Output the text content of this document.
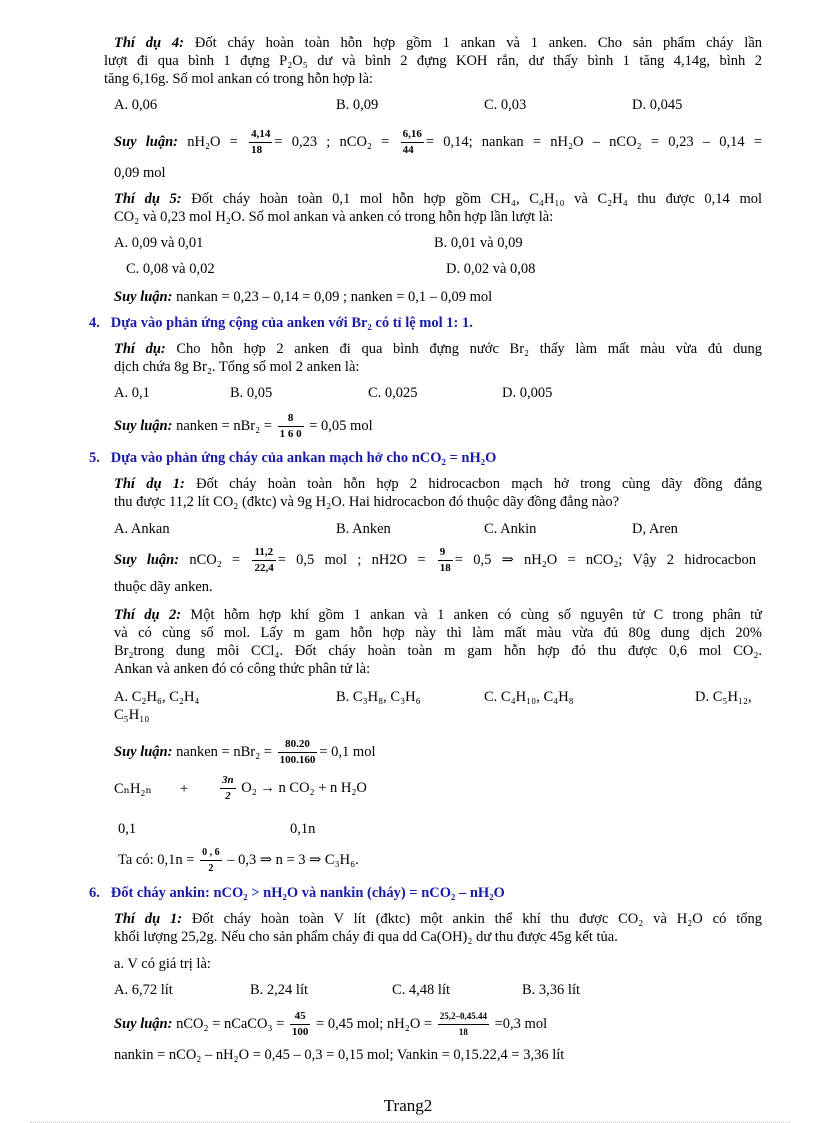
Thí dụ 4: Đốt cháy hoàn toàn hỗn hợp gồm 1 ankan và 1 anken. Cho sản phẩm cháy lần
lượt đi qua bình 1 đựng P₂O₅ dư và bình 2 đựng KOH rắn, dư thấy bình 1 tăng 4,14g, bình 2
tăng 6,16g. Số mol ankan có trong hỗn hợp là:
A. 0,06	B. 0,09	C. 0,03	D. 0,045
Suy luận: $nH_2O = \frac{4,14}{18} = 0,23$ ; $nCO_2 = \frac{6,16}{44} = 0,14$; nankan = nH₂O – nCO₂ = 0,23 – 0,14 =
0,09 mol
Thí dụ 5: Đốt cháy hoàn toàn 0,1 mol hỗn hợp gồm CH₄, C₄H₁₀ và C₂H₄ thu được 0,14 mol
CO₂ và 0,23 mol H₂O. Số mol ankan và anken có trong hỗn hợp lần lượt là:
A. 0,09 và 0,01	B. 0,01 và 0,09
C. 0,08 và 0,02	D. 0,02 và 0,08
Suy luận: nankan = 0,23 – 0,14 = 0,09 ; nanken = 0,1 – 0,09 mol
4. Dựa vào phản ứng cộng của anken với Br₂ có tỉ lệ mol 1: 1.
Thí dụ: Cho hỗn hợp 2 anken đi qua bình đựng nước Br₂ thấy làm mất màu vừa đủ dung
dịch chứa 8g Br₂. Tổng số mol 2 anken là:
A. 0,1	B. 0,05	C. 0,025	D. 0,005
Suy luận: nanken = $nBr_2 = \frac{8}{1 6 0} = 0,05$ mol
5. Dựa vào phản ứng cháy của ankan mạch hở cho nCO₂ = nH₂O
Thí dụ 1: Đốt cháy hoàn toàn hỗn hợp 2 hidrocacbon mạch hở trong cùng dãy đồng đẳng
thu được 11,2 lít CO₂ (đktc) và 9g H₂O. Hai hidrocacbon đó thuộc dãy đồng đẳng nào?
A. Ankan	B. Anken	C. Ankin	D, Aren
Suy luận: $nCO_2 = \frac{11,2}{22,4} = 0,5$ mol ; $nH2O = \frac{9}{18} = 0,5$ ⇒ nH₂O = nCO₂; Vậy 2 hidrocacbon
thuộc dãy anken.
Thí dụ 2: Một hỗm hợp khí gồm 1 ankan và 1 anken có cùng số nguyên tử C trong phân tử
và có cùng số mol. Lấy m gam hỗn hợp này thì làm mất màu vừa đủ 80g dung dịch 20%
Br₂trong dung môi CCl₄. Đốt cháy hoàn toàn m gam hỗn hợp đó thu được 0,6 mol CO₂.
Ankan và anken đó có công thức phân tử là:
A. C₂H₆, C₂H₄	B. C₃H₈, C₃H₆	C. C₄H₁₀, C₄H₈	D. C₅H₁₂,
C₅H₁₀
Suy luận: nanken = $nBr_2 = \frac{80.20}{100.160} = 0,1$ mol
CₙH₂ₙ +	$\frac{3n}{2} O_2 \to n$ CO₂ + n H₂O
0,1	0,1n
Ta có: $0,1n = \frac{0 , 6}{2} - 0,3$ ⇒ n = 3 ⇒ C₃H₆.
6. Đốt cháy ankin: nCO₂ > nH₂O và nankin (cháy) = nCO₂ – nH₂O
Thí dụ 1: Đốt cháy hoàn toàn V lít (đktc) một ankin thể khí thu được CO₂ và H₂O có tổng
khối lượng 25,2g. Nếu cho sản phẩm cháy đi qua dd Ca(OH)₂ dư thu được 45g kết tủa.
a. V có giá trị là:
A. 6,72 lít	B. 2,24 lít	C. 4,48 lít	B. 3,36 lít
Suy luận: nCO₂ = nCaCO₃ = $\frac{45}{100} = 0,45$ mol; $nH_2O = \frac{25,2-0,45.44}{18} =0,3$ mol
nankin = nCO₂ – nH₂O = 0,45 – 0,3 = 0,15 mol; Vankin = 0,15.22,4 = 3,36 lít
Trang2
